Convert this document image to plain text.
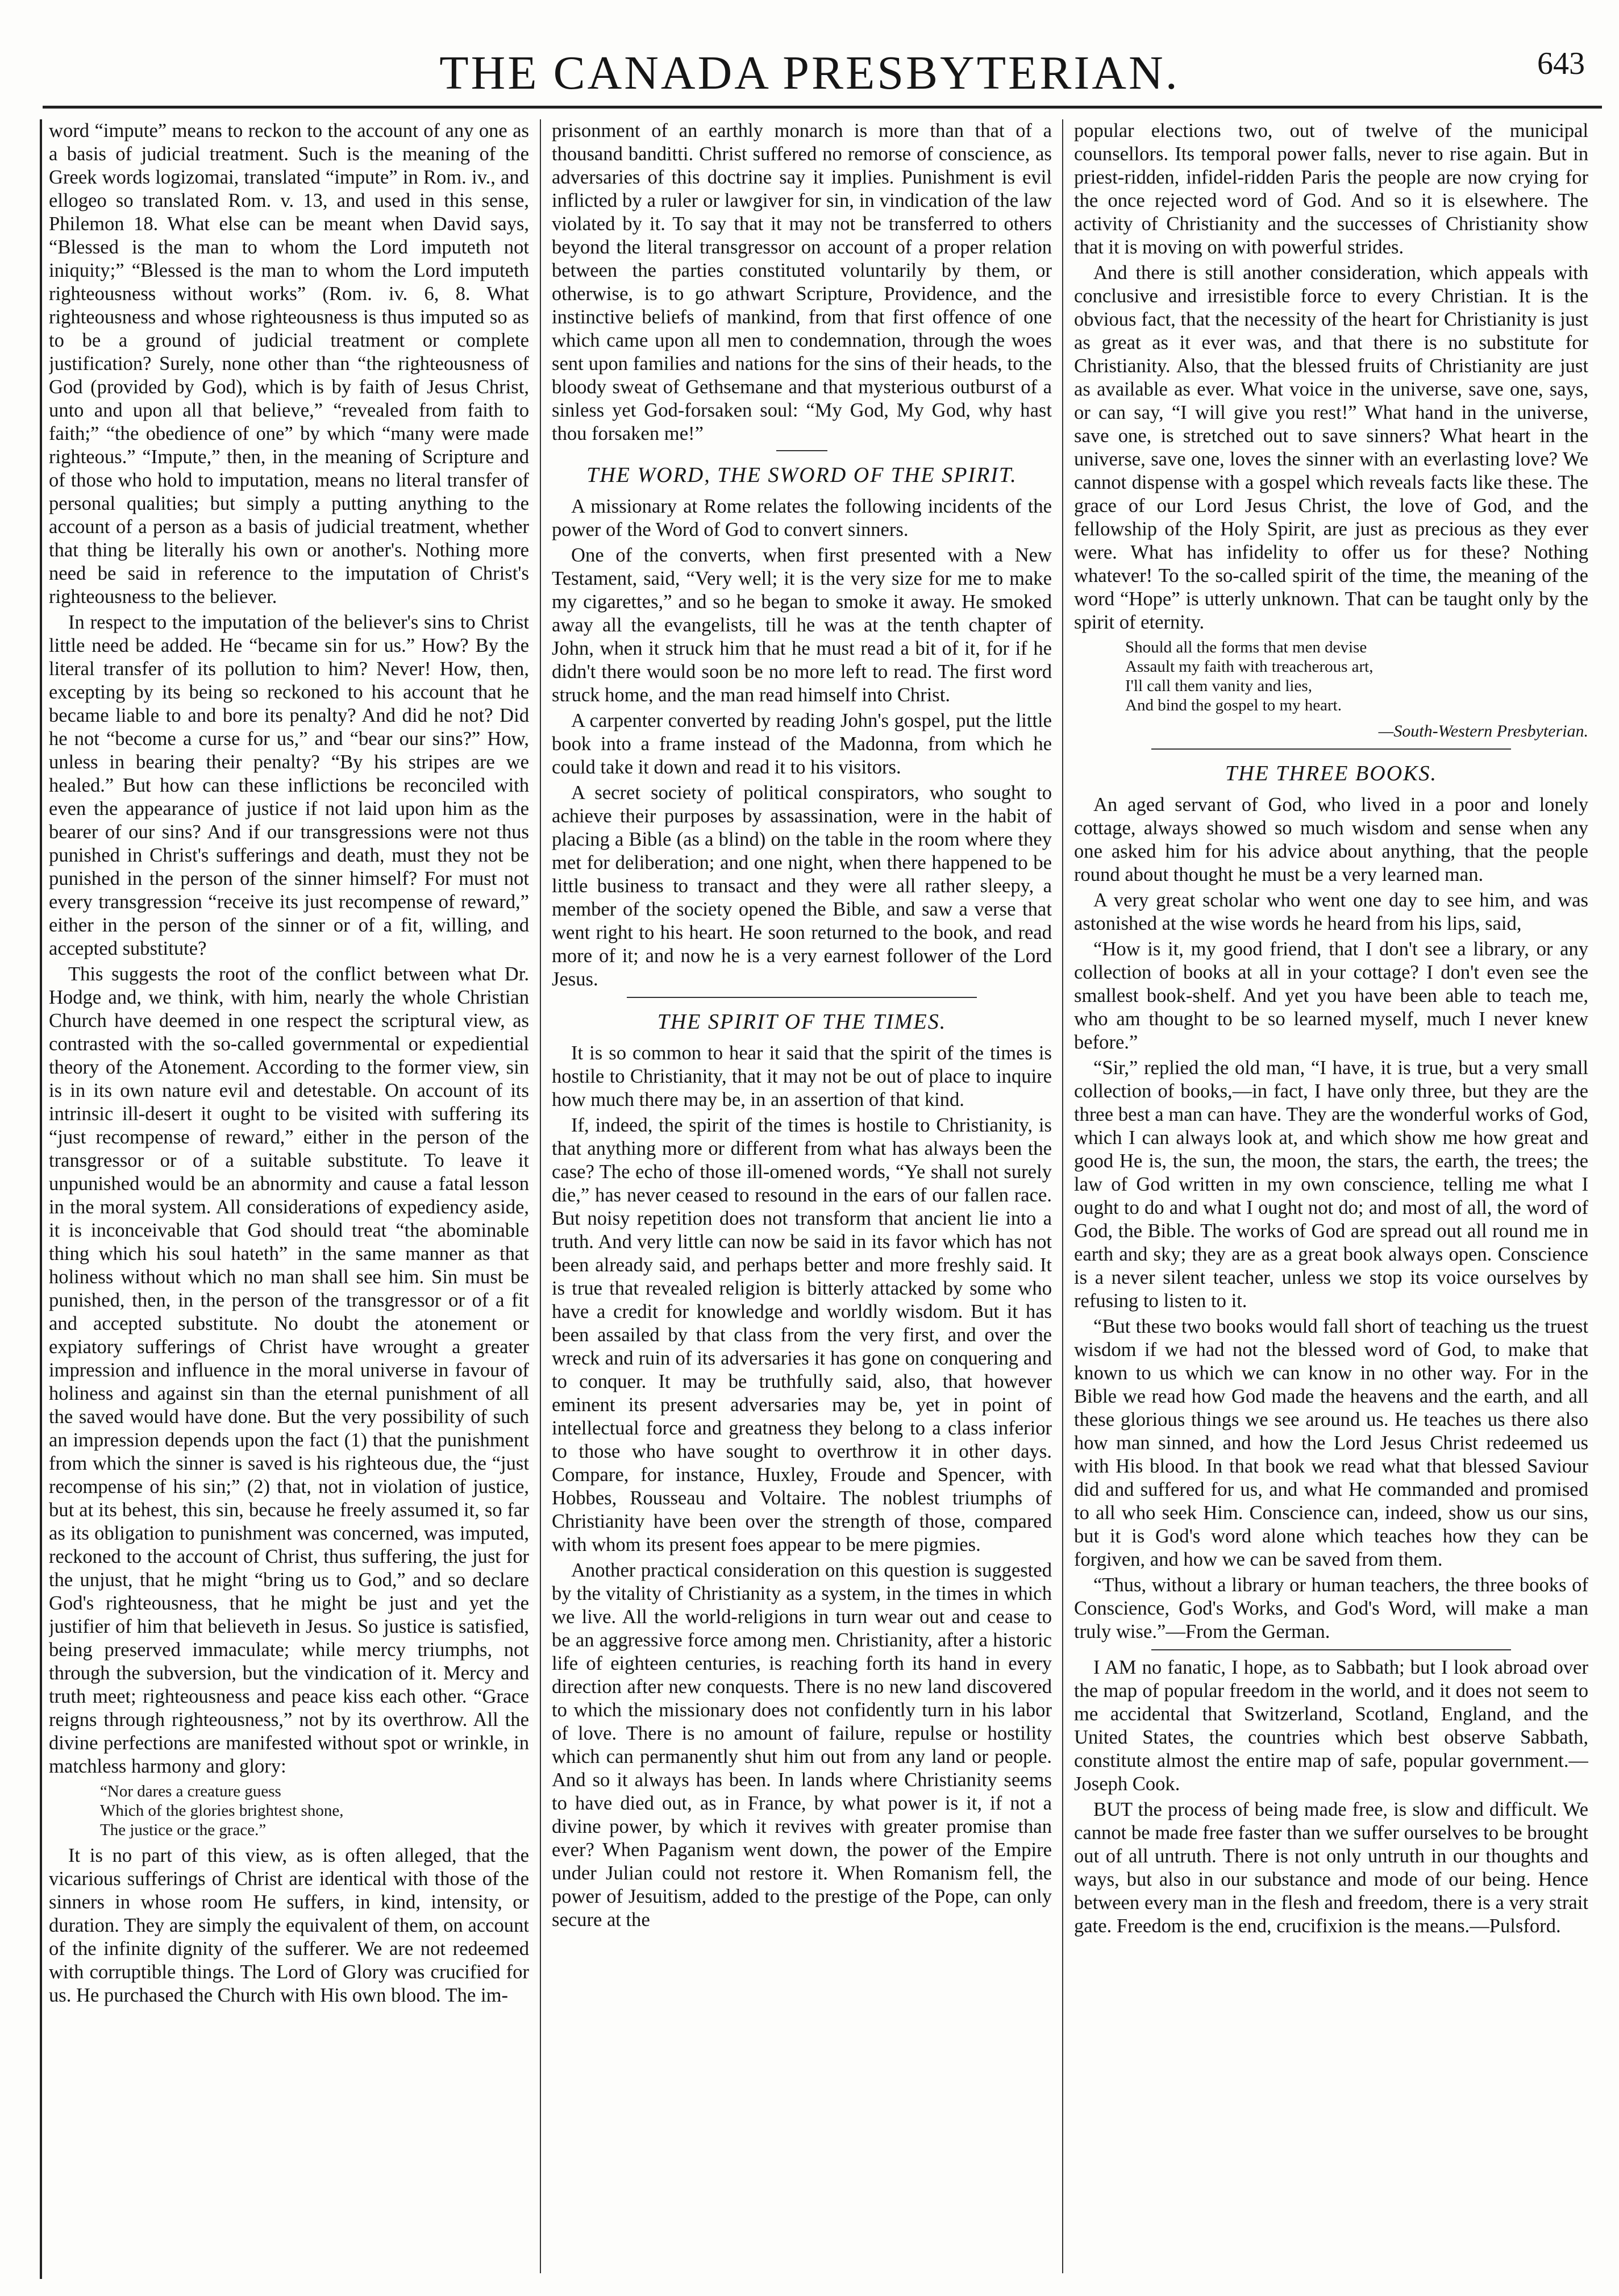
THE CANADA PRESBYTERIAN.	643

word “impute” means to reckon to the account of any one as a basis of judicial treatment. Such is the meaning of the Greek words logizomai, translated “impute” in Rom. iv., and ellogeo so translated Rom. v. 13, and used in this sense, Philemon 18. What else can be meant when David says, “Blessed is the man to whom the Lord imputeth not iniquity;” “Blessed is the man to whom the Lord imputeth righteousness without works” (Rom. iv. 6, 8. What righteousness and whose righteousness is thus imputed so as to be a ground of judicial treatment or complete justification? Surely, none other than “the righteousness of God (provided by God), which is by faith of Jesus Christ, unto and upon all that believe,” “revealed from faith to faith;” “the obedience of one” by which “many were made righteous.” “Impute,” then, in the meaning of Scripture and of those who hold to imputation, means no literal transfer of personal qualities; but simply a putting anything to the account of a person as a basis of judicial treatment, whether that thing be literally his own or another's. Nothing more need be said in reference to the imputation of Christ's righteousness to the believer.

In respect to the imputation of the believer's sins to Christ little need be added. He “became sin for us.” How? By the literal transfer of its pollution to him? Never! How, then, excepting by its being so reckoned to his account that he became liable to and bore its penalty? And did he not? Did he not “become a curse for us,” and “bear our sins?” How, unless in bearing their penalty? “By his stripes are we healed.” But how can these inflictions be reconciled with even the appearance of justice if not laid upon him as the bearer of our sins? And if our transgressions were not thus punished in Christ's sufferings and death, must they not be punished in the person of the sinner himself? For must not every transgression “receive its just recompense of reward,” either in the person of the sinner or of a fit, willing, and accepted substitute?

This suggests the root of the conflict between what Dr. Hodge and, we think, with him, nearly the whole Christian Church have deemed in one respect the scriptural view, as contrasted with the so-called governmental or expediential theory of the Atonement. According to the former view, sin is in its own nature evil and detestable. On account of its intrinsic ill-desert it ought to be visited with suffering its “just recompense of reward,” either in the person of the transgressor or of a suitable substitute. To leave it unpunished would be an abnormity and cause a fatal lesson in the moral system. All considerations of expediency aside, it is inconceivable that God should treat “the abominable thing which his soul hateth” in the same manner as that holiness without which no man shall see him. Sin must be punished, then, in the person of the transgressor or of a fit and accepted substitute. No doubt the atonement or expiatory sufferings of Christ have wrought a greater impression and influence in the moral universe in favour of holiness and against sin than the eternal punishment of all the saved would have done. But the very possibility of such an impression depends upon the fact (1) that the punishment from which the sinner is saved is his righteous due, the “just recompense of his sin;” (2) that, not in violation of justice, but at its behest, this sin, because he freely assumed it, so far as its obligation to punishment was concerned, was imputed, reckoned to the account of Christ, thus suffering, the just for the unjust, that he might “bring us to God,” and so declare God's righteousness, that he might be just and yet the justifier of him that believeth in Jesus. So justice is satisfied, being preserved immaculate; while mercy triumphs, not through the subversion, but the vindication of it. Mercy and truth meet; righteousness and peace kiss each other. “Grace reigns through righteousness,” not by its overthrow. All the divine perfections are manifested without spot or wrinkle, in matchless harmony and glory:

“Nor dares a creature guess
Which of the glories brightest shone,
The justice or the grace.”

It is no part of this view, as is often alleged, that the vicarious sufferings of Christ are identical with those of the sinners in whose room He suffers, in kind, intensity, or duration. They are simply the equivalent of them, on account of the infinite dignity of the sufferer. We are not redeemed with corruptible things. The Lord of Glory was crucified for us. He purchased the Church with His own blood. The im-

prisonment of an earthly monarch is more than that of a thousand banditti. Christ suffered no remorse of conscience, as adversaries of this doctrine say it implies. Punishment is evil inflicted by a ruler or lawgiver for sin, in vindication of the law violated by it. To say that it may not be transferred to others beyond the literal transgressor on account of a proper relation between the parties constituted voluntarily by them, or otherwise, is to go athwart Scripture, Providence, and the instinctive beliefs of mankind, from that first offence of one which came upon all men to condemnation, through the woes sent upon families and nations for the sins of their heads, to the bloody sweat of Gethsemane and that mysterious outburst of a sinless yet God-forsaken soul: “My God, My God, why hast thou forsaken me!”

THE WORD, THE SWORD OF THE SPIRIT.

A missionary at Rome relates the following incidents of the power of the Word of God to convert sinners.

One of the converts, when first presented with a New Testament, said, “Very well; it is the very size for me to make my cigarettes,” and so he began to smoke it away. He smoked away all the evangelists, till he was at the tenth chapter of John, when it struck him that he must read a bit of it, for if he didn't there would soon be no more left to read. The first word struck home, and the man read himself into Christ.

A carpenter converted by reading John's gospel, put the little book into a frame instead of the Madonna, from which he could take it down and read it to his visitors.

A secret society of political conspirators, who sought to achieve their purposes by assassination, were in the habit of placing a Bible (as a blind) on the table in the room where they met for deliberation; and one night, when there happened to be little business to transact and they were all rather sleepy, a member of the society opened the Bible, and saw a verse that went right to his heart. He soon returned to the book, and read more of it; and now he is a very earnest follower of the Lord Jesus.

THE SPIRIT OF THE TIMES.

It is so common to hear it said that the spirit of the times is hostile to Christianity, that it may not be out of place to inquire how much there may be, in an assertion of that kind.

If, indeed, the spirit of the times is hostile to Christianity, is that anything more or different from what has always been the case? The echo of those ill-omened words, “Ye shall not surely die,” has never ceased to resound in the ears of our fallen race. But noisy repetition does not transform that ancient lie into a truth. And very little can now be said in its favor which has not been already said, and perhaps better and more freshly said. It is true that revealed religion is bitterly attacked by some who have a credit for knowledge and worldly wisdom. But it has been assailed by that class from the very first, and over the wreck and ruin of its adversaries it has gone on conquering and to conquer. It may be truthfully said, also, that however eminent its present adversaries may be, yet in point of intellectual force and greatness they belong to a class inferior to those who have sought to overthrow it in other days. Compare, for instance, Huxley, Froude and Spencer, with Hobbes, Rousseau and Voltaire. The noblest triumphs of Christianity have been over the strength of those, compared with whom its present foes appear to be mere pigmies.

Another practical consideration on this question is suggested by the vitality of Christianity as a system, in the times in which we live. All the world-religions in turn wear out and cease to be an aggressive force among men. Christianity, after a historic life of eighteen centuries, is reaching forth its hand in every direction after new conquests. There is no new land discovered to which the missionary does not confidently turn in his labor of love. There is no amount of failure, repulse or hostility which can permanently shut him out from any land or people. And so it always has been. In lands where Christianity seems to have died out, as in France, by what power is it, if not a divine power, by which it revives with greater promise than ever? When Paganism went down, the power of the Empire under Julian could not restore it. When Romanism fell, the power of Jesuitism, added to the prestige of the Pope, can only secure at the

popular elections two, out of twelve of the municipal counsellors. Its temporal power falls, never to rise again. But in priest-ridden, infidel-ridden Paris the people are now crying for the once rejected word of God. And so it is elsewhere. The activity of Christianity and the successes of Christianity show that it is moving on with powerful strides.

And there is still another consideration, which appeals with conclusive and irresistible force to every Christian. It is the obvious fact, that the necessity of the heart for Christianity is just as great as it ever was, and that there is no substitute for Christianity. Also, that the blessed fruits of Christianity are just as available as ever. What voice in the universe, save one, says, or can say, “I will give you rest!” What hand in the universe, save one, is stretched out to save sinners? What heart in the universe, save one, loves the sinner with an everlasting love? We cannot dispense with a gospel which reveals facts like these. The grace of our Lord Jesus Christ, the love of God, and the fellowship of the Holy Spirit, are just as precious as they ever were. What has infidelity to offer us for these? Nothing whatever! To the so-called spirit of the time, the meaning of the word “Hope” is utterly unknown. That can be taught only by the spirit of eternity.

Should all the forms that men devise
Assault my faith with treacherous art,
I'll call them vanity and lies,
And bind the gospel to my heart.
—South-Western Presbyterian.
THE THREE BOOKS.

An aged servant of God, who lived in a poor and lonely cottage, always showed so much wisdom and sense when any one asked him for his advice about anything, that the people round about thought he must be a very learned man.

A very great scholar who went one day to see him, and was astonished at the wise words he heard from his lips, said,

“How is it, my good friend, that I don't see a library, or any collection of books at all in your cottage? I don't even see the smallest book-shelf. And yet you have been able to teach me, who am thought to be so learned myself, much I never knew before.”

“Sir,” replied the old man, “I have, it is true, but a very small collection of books,—in fact, I have only three, but they are the three best a man can have. They are the wonderful works of God, which I can always look at, and which show me how great and good He is, the sun, the moon, the stars, the earth, the trees; the law of God written in my own conscience, telling me what I ought to do and what I ought not do; and most of all, the word of God, the Bible. The works of God are spread out all round me in earth and sky; they are as a great book always open. Conscience is a never silent teacher, unless we stop its voice ourselves by refusing to listen to it.

“But these two books would fall short of teaching us the truest wisdom if we had not the blessed word of God, to make that known to us which we can know in no other way. For in the Bible we read how God made the heavens and the earth, and all these glorious things we see around us. He teaches us there also how man sinned, and how the Lord Jesus Christ redeemed us with His blood. In that book we read what that blessed Saviour did and suffered for us, and what He commanded and promised to all who seek Him. Conscience can, indeed, show us our sins, but it is God's word alone which teaches how they can be forgiven, and how we can be saved from them.

“Thus, without a library or human teachers, the three books of Conscience, God's Works, and God's Word, will make a man truly wise.”—From the German.

I AM no fanatic, I hope, as to Sabbath; but I look abroad over the map of popular freedom in the world, and it does not seem to me accidental that Switzerland, Scotland, England, and the United States, the countries which best observe Sabbath, constitute almost the entire map of safe, popular government.—Joseph Cook.

BUT the process of being made free, is slow and difficult. We cannot be made free faster than we suffer ourselves to be brought out of all untruth. There is not only untruth in our thoughts and ways, but also in our substance and mode of our being. Hence between every man in the flesh and freedom, there is a very strait gate. Freedom is the end, crucifixion is the means.—Pulsford.
